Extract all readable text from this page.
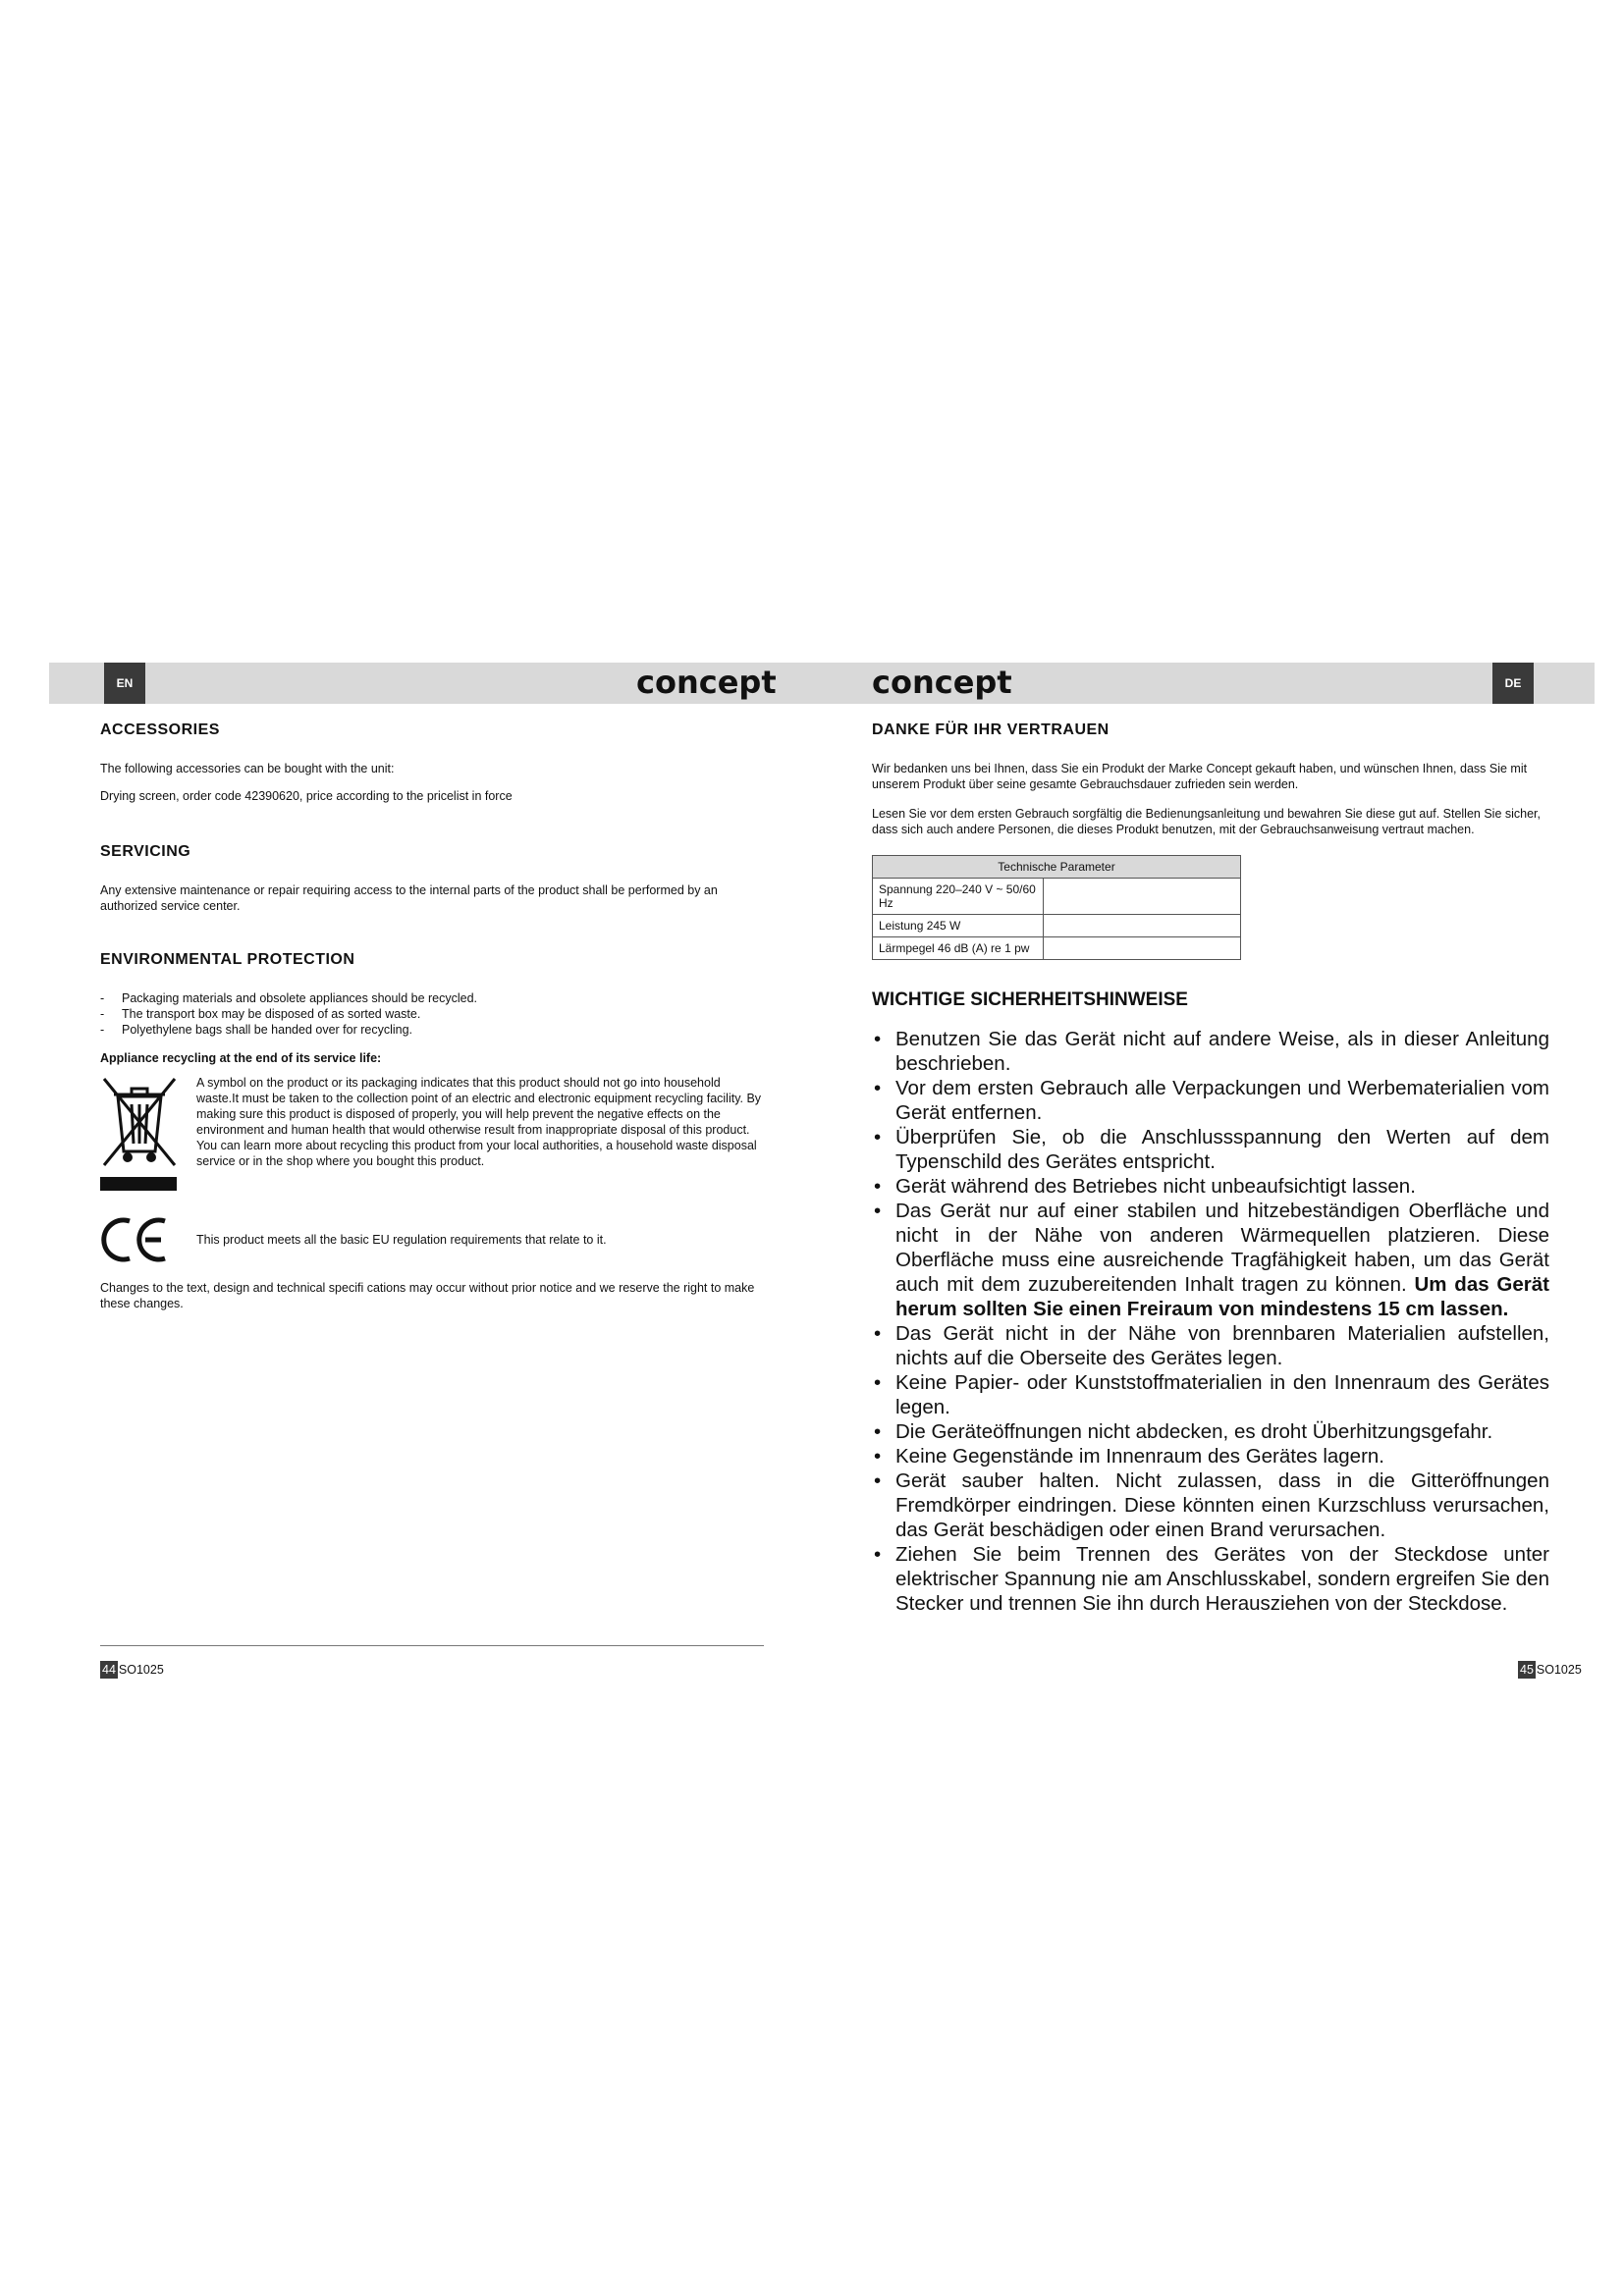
EN	DE
concept	concept
ACCESSORIES

The following accessories can be bought with the unit:

Drying screen, order code 42390620, price according to the pricelist in force

SERVICING

Any extensive maintenance or repair requiring access to the internal parts of the product shall be performed by an authorized service center.

ENVIRONMENTAL PROTECTION
- Packaging materials and obsolete appliances should be recycled.
- The transport box may be disposed of as sorted waste.
- Polyethylene bags shall be handed over for recycling.
Appliance recycling at the end of its service life:

A symbol on the product or its packaging indicates that this product should not go into household waste.It must be taken to the collection point of an electric and electronic equipment recycling facility. By making sure this product is disposed of properly, you will help prevent the negative effects on the environment and human health that would otherwise result from inappropriate disposal of this product. You can learn more about recycling this product from your local authorities, a household waste disposal service or in the shop where you bought this product.

This product meets all the basic EU regulation requirements that relate to it.

Changes to the text, design and technical specifi cations may occur without prior notice and we reserve the right to make these changes.

DANKE FÜR IHR VERTRAUEN

Wir bedanken uns bei Ihnen, dass Sie ein Produkt der Marke Concept gekauft haben, und wünschen Ihnen, dass Sie mit unserem Produkt über seine gesamte Gebrauchsdauer zufrieden sein werden.

Lesen Sie vor dem ersten Gebrauch sorgfältig die Bedienungsanleitung und bewahren Sie diese gut auf. Stellen Sie sicher, dass sich auch andere Personen, die dieses Produkt benutzen, mit der Gebrauchsanweisung vertraut machen.

Technische Parameter	
Spannung 220–240 V ~ 50/60 Hz	
Leistung 245 W	
Lärmpegel 46 dB (A) re 1 pw	
WICHTIGE SICHERHEITSHINWEISE
• Benutzen Sie das Gerät nicht auf andere Weise, als in dieser Anleitung beschrieben.
• Vor dem ersten Gebrauch alle Verpackungen und Werbematerialien vom Gerät entfernen.
• Überprüfen Sie, ob die Anschlussspannung den Werten auf dem Typenschild des Gerätes entspricht.
• Gerät während des Betriebes nicht unbeaufsichtigt lassen.
• Das Gerät nur auf einer stabilen und hitzebeständigen Oberfläche und nicht in der Nähe von anderen Wärmequellen platzieren. Diese Oberfläche muss eine ausreichende Tragfähigkeit haben, um das Gerät auch mit dem zuzubereitenden Inhalt tragen zu können. Um das Gerät herum sollten Sie einen Freiraum von mindestens 15 cm lassen.
• Das Gerät nicht in der Nähe von brennbaren Materialien aufstellen, nichts auf die Oberseite des Gerätes legen.
• Keine Papier- oder Kunststoffmaterialien in den Innenraum des Gerätes legen.
• Die Geräteöffnungen nicht abdecken, es droht Überhitzungsgefahr.
• Keine Gegenstände im Innenraum des Gerätes lagern.
• Gerät sauber halten. Nicht zulassen, dass in die Gitteröffnungen Fremdkörper eindringen. Diese könnten einen Kurzschluss verursachen, das Gerät beschädigen oder einen Brand verursachen.
• Ziehen Sie beim Trennen des Gerätes von der Steckdose unter elektrischer Spannung nie am Anschlusskabel, sondern ergreifen Sie den Stecker und trennen Sie ihn durch Herausziehen von der Steckdose.
44 SO1025	45 SO1025
